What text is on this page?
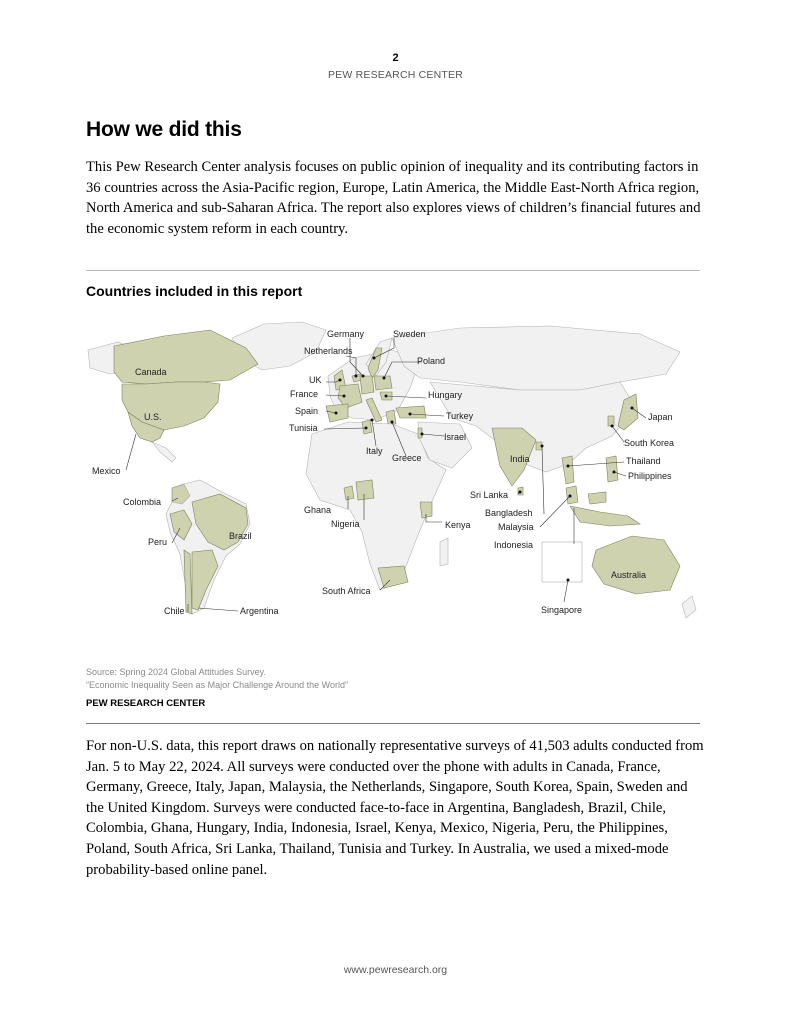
2
PEW RESEARCH CENTER
How we did this

This Pew Research Center analysis focuses on public opinion of inequality and its contributing factors in 36 countries across the Asia-Pacific region, Europe, Latin America, the Middle East-North Africa region, North America and sub-Saharan Africa. The report also explores views of children’s financial futures and the economic system reform in each country.

Countries included in this report
Germany	Sweden
Netherlands
Poland
Canada
UK
France	Hungary
Spain	Turkey
U.S.
Tunisia
Israel
Japan
South Korea
Italy
Greece	India	Thailand
Mexico	Philippines
Sri Lanka
Colombia
Ghana	Bangladesh
Nigeria	Kenya	Malaysia
Peru
Brazil
Indonesia
Australia
South Africa
Chile	Argentina	Singapore
Source: Spring 2024 Global Attitudes Survey.
“Economic Inequality Seen as Major Challenge Around the World”
PEW RESEARCH CENTER

For non-U.S. data, this report draws on nationally representative surveys of 41,503 adults conducted from Jan. 5 to May 22, 2024. All surveys were conducted over the phone with adults in Canada, France, Germany, Greece, Italy, Japan, Malaysia, the Netherlands, Singapore, South Korea, Spain, Sweden and the United Kingdom. Surveys were conducted face-to-face in Argentina, Bangladesh, Brazil, Chile, Colombia, Ghana, Hungary, India, Indonesia, Israel, Kenya, Mexico, Nigeria, Peru, the Philippines, Poland, South Africa, Sri Lanka, Thailand, Tunisia and Turkey. In Australia, we used a mixed-mode probability-based online panel.

www.pewresearch.org
